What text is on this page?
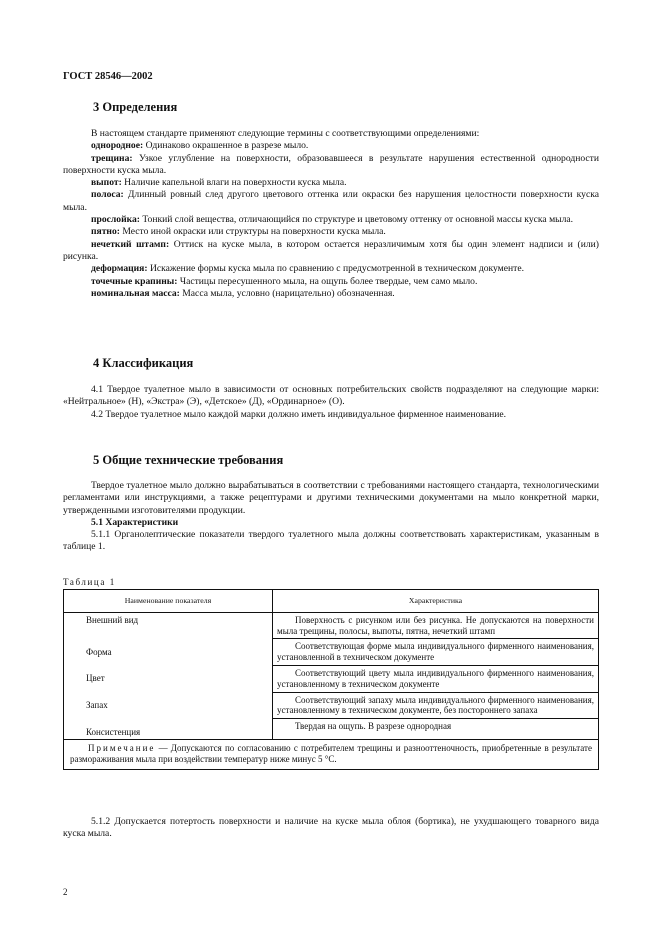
ГОСТ 28546—2002
3 Определения

В настоящем стандарте применяют следующие термины с соответствующими определениями:

однородное: Одинаково окрашенное в разрезе мыло.

трещина: Узкое углубление на поверхности, образовавшееся в результате нарушения естественной однородности поверхности куска мыла.

выпот: Наличие капельной влаги на поверхности куска мыла.

полоса: Длинный ровный след другого цветового оттенка или окраски без нарушения целостности поверхности куска мыла.

прослойка: Тонкий слой вещества, отличающийся по структуре и цветовому оттенку от основной массы куска мыла.

пятно: Место иной окраски или структуры на поверхности куска мыла.

нечеткий штамп: Оттиск на куске мыла, в котором остается неразличимым хотя бы один элемент надписи и (или) рисунка.

деформация: Искажение формы куска мыла по сравнению с предусмотренной в техническом документе.

точечные крапины: Частицы пересушенного мыла, на ощупь более твердые, чем само мыло.

номинальная масса: Масса мыла, условно (нарицательно) обозначенная.

4 Классификация

4.1 Твердое туалетное мыло в зависимости от основных потребительских свойств подразделяют на следующие марки: «Нейтральное» (Н), «Экстра» (Э), «Детское» (Д), «Ординарное» (О).

4.2 Твердое туалетное мыло каждой марки должно иметь индивидуальное фирменное наименование.

5 Общие технические требования

Твердое туалетное мыло должно вырабатываться в соответствии с требованиями настоящего стандарта, технологическими регламентами или инструкциями, а также рецептурами и другими техническими документами на мыло конкретной марки, утвержденными изготовителями продукции.

5.1 Характеристики

5.1.1 Органолептические показатели твердого туалетного мыла должны соответствовать характеристикам, указанным в таблице 1.

Таблица 1
Наименование показателя	Характеристика
Внешний вид	Поверхность с рисунком или без рисунка. Не допускаются на поверхности мыла трещины, полосы, выпоты, пятна, нечеткий штамп
Форма	Соответствующая форме мыла индивидуального фирменного наименования, установленной в техническом документе
Цвет	Соответствующий цвету мыла индивидуального фирменного наименования, установленному в техническом документе
Запах	Соответствующий запаху мыла индивидуального фирменного наименования, установленному в техническом документе, без постороннего запаха
Консистенция	Твердая на ощупь. В разрезе однородная
Примечание — Допускаются по согласованию с потребителем трещины и разнооттеночность, приобретенные в результате размораживания мыла при воздействии температур ниже минус 5 °С.	

5.1.2 Допускается потертость поверхности и наличие на куске мыла облоя (бортика), не ухудшающего товарного вида куска мыла.

2
